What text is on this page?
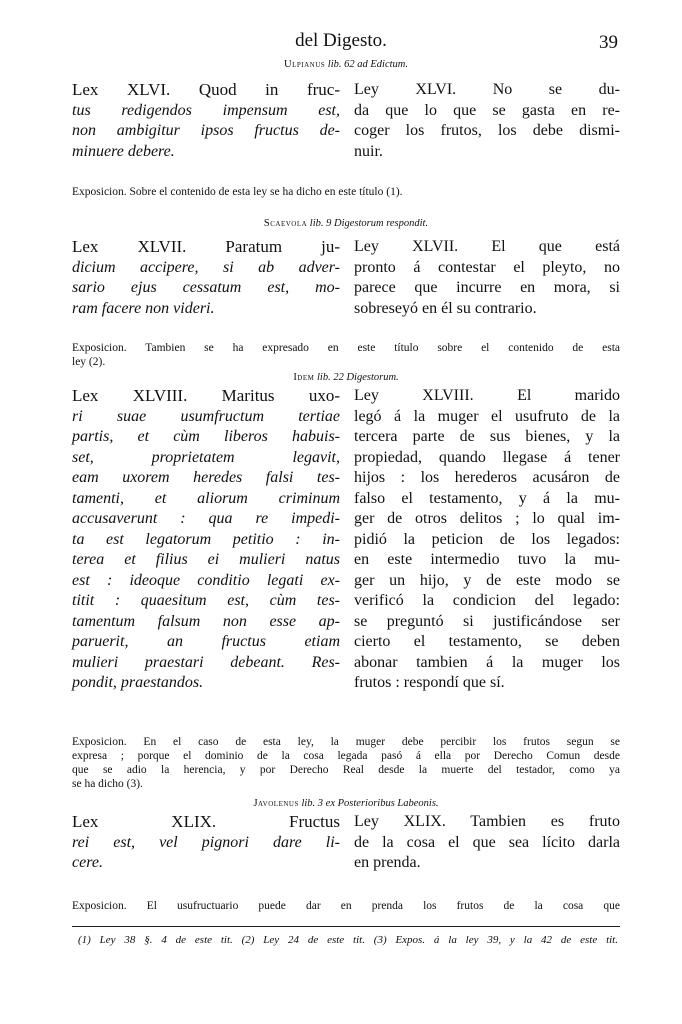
del Digesto.	39
Ulpianus lib. 62 ad Edictum.
Lex XLVI. Quod in fruc-
tus redigendos impensum est,
non ambigitur ipsos fructus de-
minuere debere.
Ley XLVI. No se du-
da que lo que se gasta en re-
coger los frutos, los debe dismi-
nuir.
Exposicion. Sobre el contenido de esta ley se ha dicho en este título (1).
Scaevola lib. 9 Digestorum respondit.
Lex XLVII. Paratum ju-
dicium accipere, si ab adver-
sario ejus cessatum est, mo-
ram facere non videri.
Ley XLVII. El que está
pronto á contestar el pleyto, no
parece que incurre en mora, si
sobreseyó en él su contrario.
Exposicion. Tambien se ha expresado en este título sobre el contenido de esta
ley (2).
Idem lib. 22 Digestorum.
Lex XLVIII. Maritus uxo-
ri suae usumfructum tertiae
partis, et cùm liberos habuis-
set, proprietatem legavit,
eam uxorem heredes falsi tes-
tamenti, et aliorum criminum
accusaverunt : qua re impedi-
ta est legatorum petitio : in-
terea et filius ei mulieri natus
est : ideoque conditio legati ex-
titit : quaesitum est, cùm tes-
tamentum falsum non esse ap-
paruerit, an fructus etiam
mulieri praestari debeant. Res-
pondit, praestandos.
Ley XLVIII. El marido
legó á la muger el usufruto de la
tercera parte de sus bienes, y la
propiedad, quando llegase á tener
hijos : los herederos acusáron de
falso el testamento, y á la mu-
ger de otros delitos ; lo qual im-
pidió la peticion de los legados:
en este intermedio tuvo la mu-
ger un hijo, y de este modo se
verificó la condicion del legado:
se preguntó si justificándose ser
cierto el testamento, se deben
abonar tambien á la muger los
frutos : respondí que sí.
Exposicion. En el caso de esta ley, la muger debe percibir los frutos segun se
expresa ; porque el dominio de la cosa legada pasó á ella por Derecho Comun desde
que se adio la herencia, y por Derecho Real desde la muerte del testador, como ya
se ha dicho (3).
Javolenus lib. 3 ex Posterioribus Labeonis.
Lex XLIX. Fructus
rei est, vel pignori dare li-
cere.
Ley XLIX. Tambien es fruto
de la cosa el que sea lícito darla
en prenda.
Exposicion. El usufructuario puede dar en prenda los frutos de la cosa que
(1) Ley 38 §. 4 de este tit. (2) Ley 24 de este tit. (3) Expos. á la ley 39, y la 42 de este tit.
